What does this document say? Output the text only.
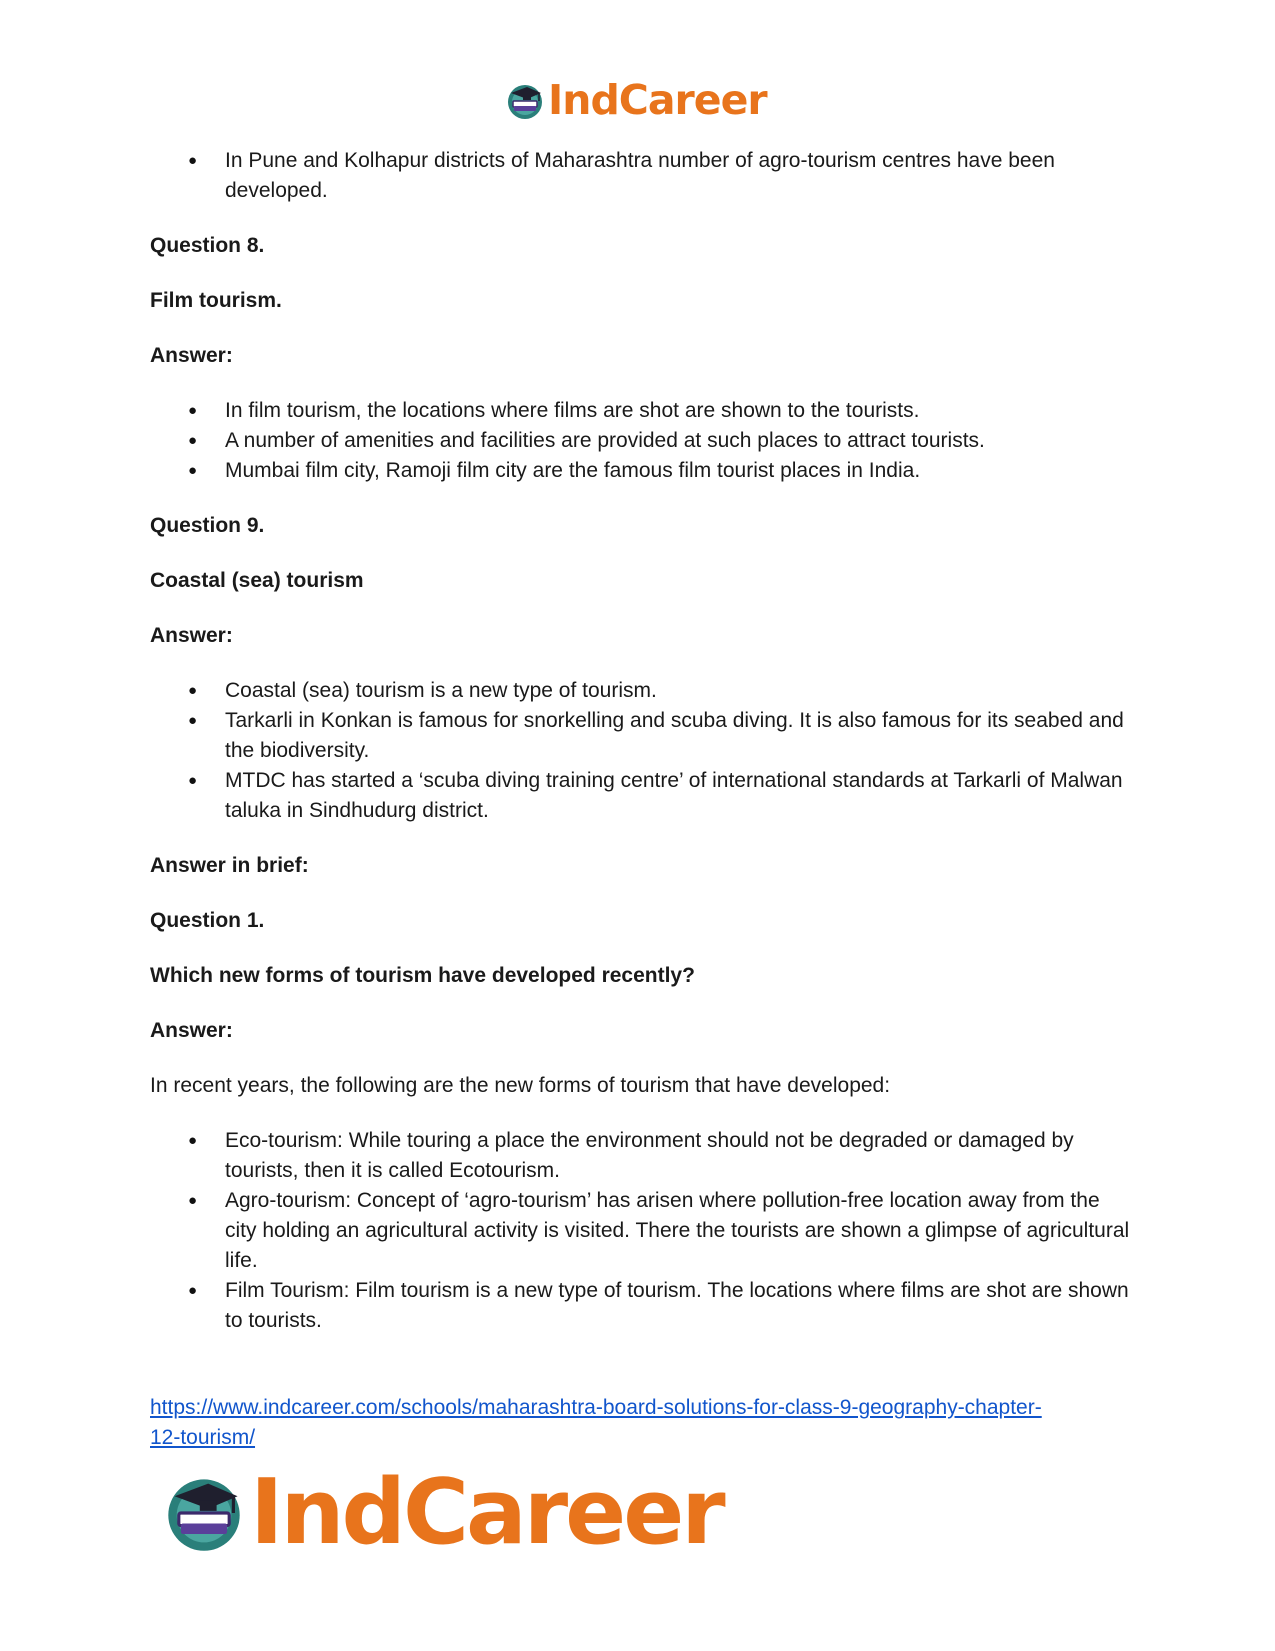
IndCareer
● In Pune and Kolhapur districts of Maharashtra number of agro-tourism centres have been developed.

Question 8.

Film tourism.

Answer:

● In film tourism, the locations where films are shot are shown to the tourists.
● A number of amenities and facilities are provided at such places to attract tourists.
● Mumbai film city, Ramoji film city are the famous film tourist places in India.

Question 9.

Coastal (sea) tourism

Answer:

● Coastal (sea) tourism is a new type of tourism.
● Tarkarli in Konkan is famous for snorkelling and scuba diving. It is also famous for its seabed and the biodiversity.
● MTDC has started a ‘scuba diving training centre’ of international standards at Tarkarli of Malwan taluka in Sindhudurg district.

Answer in brief:

Question 1.

Which new forms of tourism have developed recently?

Answer:

In recent years, the following are the new forms of tourism that have developed:

● Eco-tourism: While touring a place the environment should not be degraded or damaged by tourists, then it is called Ecotourism.
● Agro-tourism: Concept of ‘agro-tourism’ has arisen where pollution-free location away from the city holding an agricultural activity is visited. There the tourists are shown a glimpse of agricultural life.
● Film Tourism: Film tourism is a new type of tourism. The locations where films are shot are shown to tourists.
https://www.indcareer.com/schools/maharashtra-board-solutions-for-class-9-geography-chapter-
12-tourism/
IndCareer
